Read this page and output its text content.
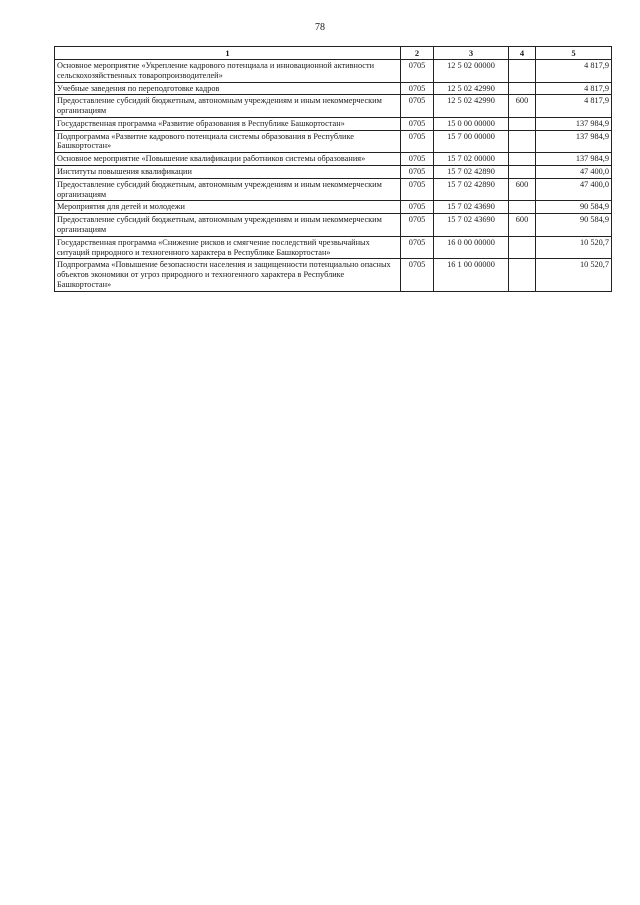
78
1	2	3	4	5
Основное мероприятие «Укрепление кадрового потенциала и инновационной активности сельскохозяйственных товаропроизводителей»	0705	12 5 02 00000		4 817,9
Учебные заведения по переподготовке кадров	0705	12 5 02 42990		4 817,9
Предоставление субсидий бюджетным, автономным учреждениям и иным некоммерческим организациям	0705	12 5 02 42990	600	4 817,9
Государственная программа «Развитие образования в Республике Башкортостан»	0705	15 0 00 00000		137 984,9
Подпрограмма «Развитие кадрового потенциала системы образования в Республике Башкортостан»	0705	15 7 00 00000		137 984,9
Основное мероприятие «Повышение квалификации работников системы образования»	0705	15 7 02 00000		137 984,9
Институты повышения квалификации	0705	15 7 02 42890		47 400,0
Предоставление субсидий бюджетным, автономным учреждениям и иным некоммерческим организациям	0705	15 7 02 42890	600	47 400,0
Мероприятия для детей и молодежи	0705	15 7 02 43690		90 584,9
Предоставление субсидий бюджетным, автономным учреждениям и иным некоммерческим организациям	0705	15 7 02 43690	600	90 584,9
Государственная программа «Снижение рисков и смягчение последствий чрезвычайных ситуаций природного и техногенного характера в Республике Башкортостан»	0705	16 0 00 00000		10 520,7
Подпрограмма «Повышение безопасности населения и защищенности потенциально опасных объектов экономики от угроз природного и техногенного характера в Республике Башкортостан»	0705	16 1 00 00000		10 520,7
